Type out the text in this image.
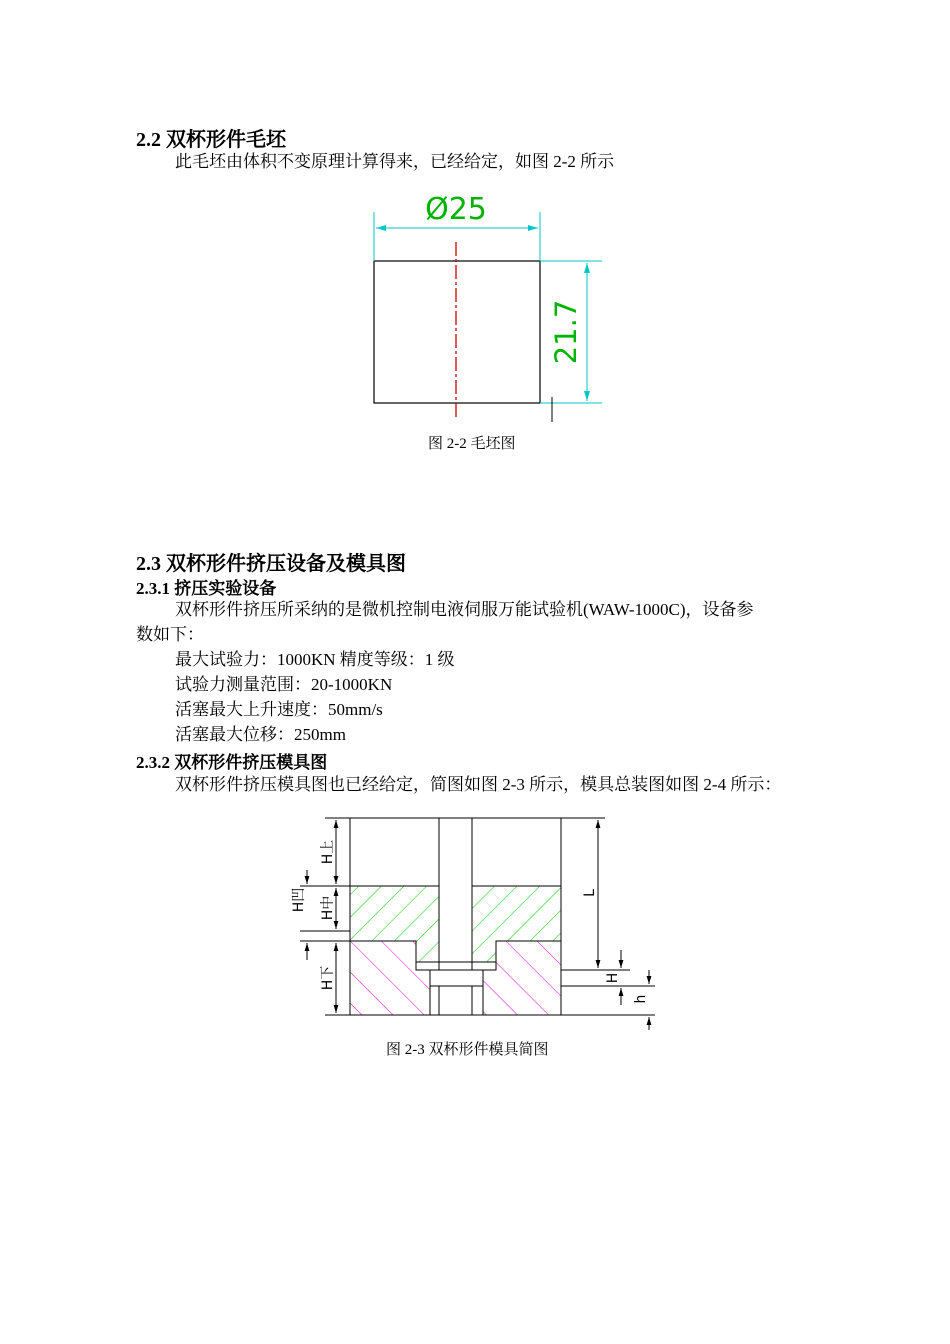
2.2 双杯形件毛坯

此毛坯由体积不变原理计算得来，已经给定，如图 2-2 所示

Ø25
21.7

图 2-2 毛坯图

2.3 双杯形件挤压设备及模具图
2.3.1 挤压实验设备

双杯形件挤压所采纳的是微机控制电液伺服万能试验机(WAW-1000C)，设备参

数如下：

最大试验力：1000KN 精度等级：1 级

试验力测量范围：20-1000KN

活塞最大上升速度：50mm/s

活塞最大位移：250mm

2.3.2 双杯形件挤压模具图

双杯形件挤压模具图也已经给定，简图如图 2-3 所示，模具总装图如图 2-4 所示：

H上
H中
H凹
H下
L
H
h

图 2-3 双杯形件模具简图
